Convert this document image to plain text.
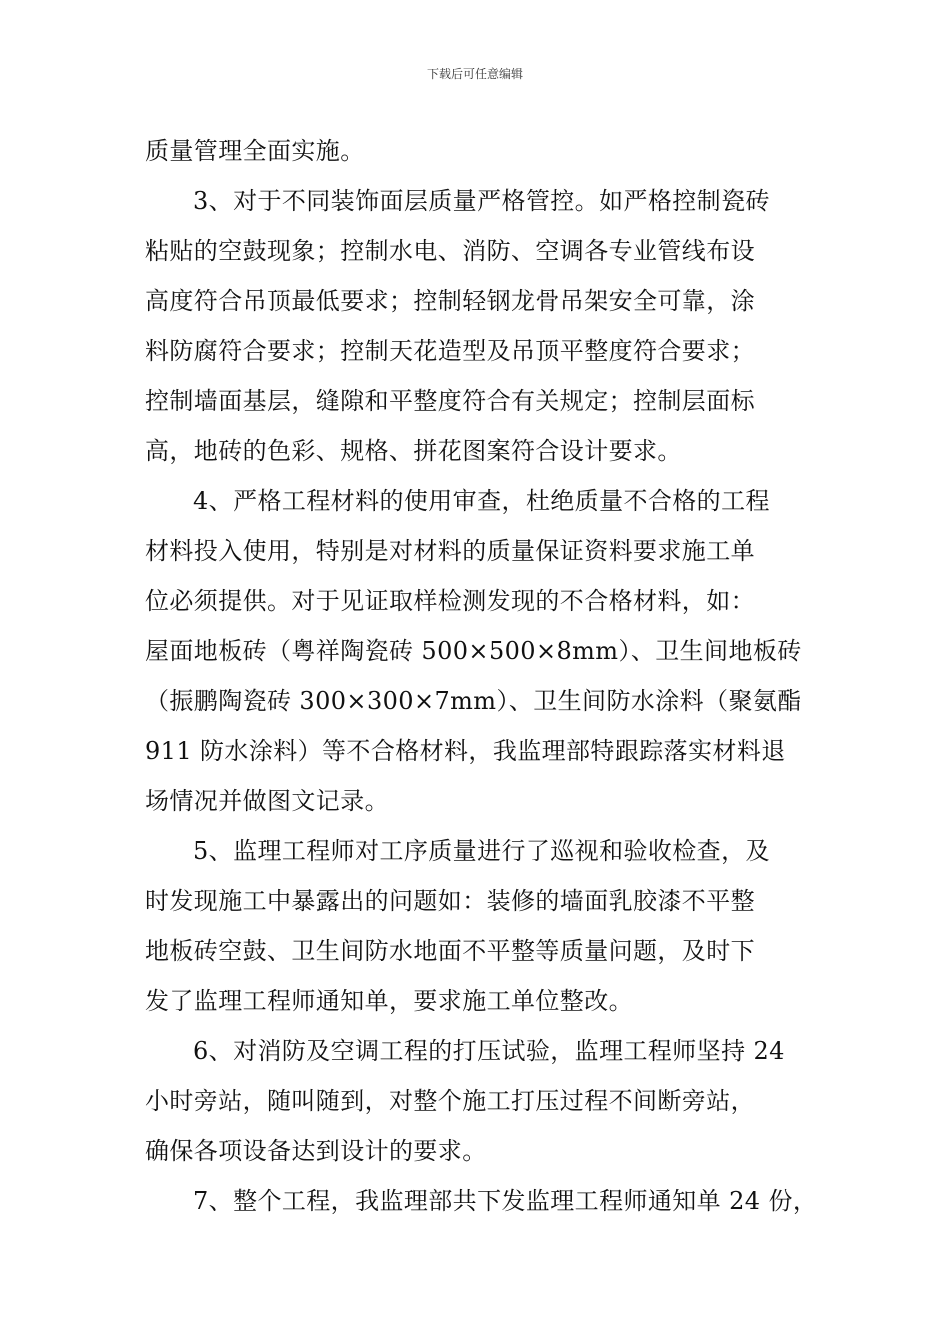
下载后可任意编辑
质量管理全面实施。
3、对于不同装饰面层质量严格管控。如严格控制瓷砖
粘贴的空鼓现象；控制水电、消防、空调各专业管线布设
高度符合吊顶最低要求；控制轻钢龙骨吊架安全可靠，涂
料防腐符合要求；控制天花造型及吊顶平整度符合要求；
控制墙面基层，缝隙和平整度符合有关规定；控制层面标
高，地砖的色彩、规格、拼花图案符合设计要求。
4、严格工程材料的使用审查，杜绝质量不合格的工程
材料投入使用，特别是对材料的质量保证资料要求施工单
位必须提供。对于见证取样检测发现的不合格材料，如：
屋面地板砖（粤祥陶瓷砖 500×500×8mm）、卫生间地板砖
（振鹏陶瓷砖 300×300×7mm）、卫生间防水涂料（聚氨酯
911 防水涂料）等不合格材料，我监理部特跟踪落实材料退
场情况并做图文记录。
5、监理工程师对工序质量进行了巡视和验收检查，及
时发现施工中暴露出的问题如：装修的墙面乳胶漆不平整
地板砖空鼓、卫生间防水地面不平整等质量问题，及时下
发了监理工程师通知单，要求施工单位整改。
6、对消防及空调工程的打压试验，监理工程师坚持 24
小时旁站，随叫随到，对整个施工打压过程不间断旁站，
确保各项设备达到设计的要求。
7、整个工程，我监理部共下发监理工程师通知单 24 份，
